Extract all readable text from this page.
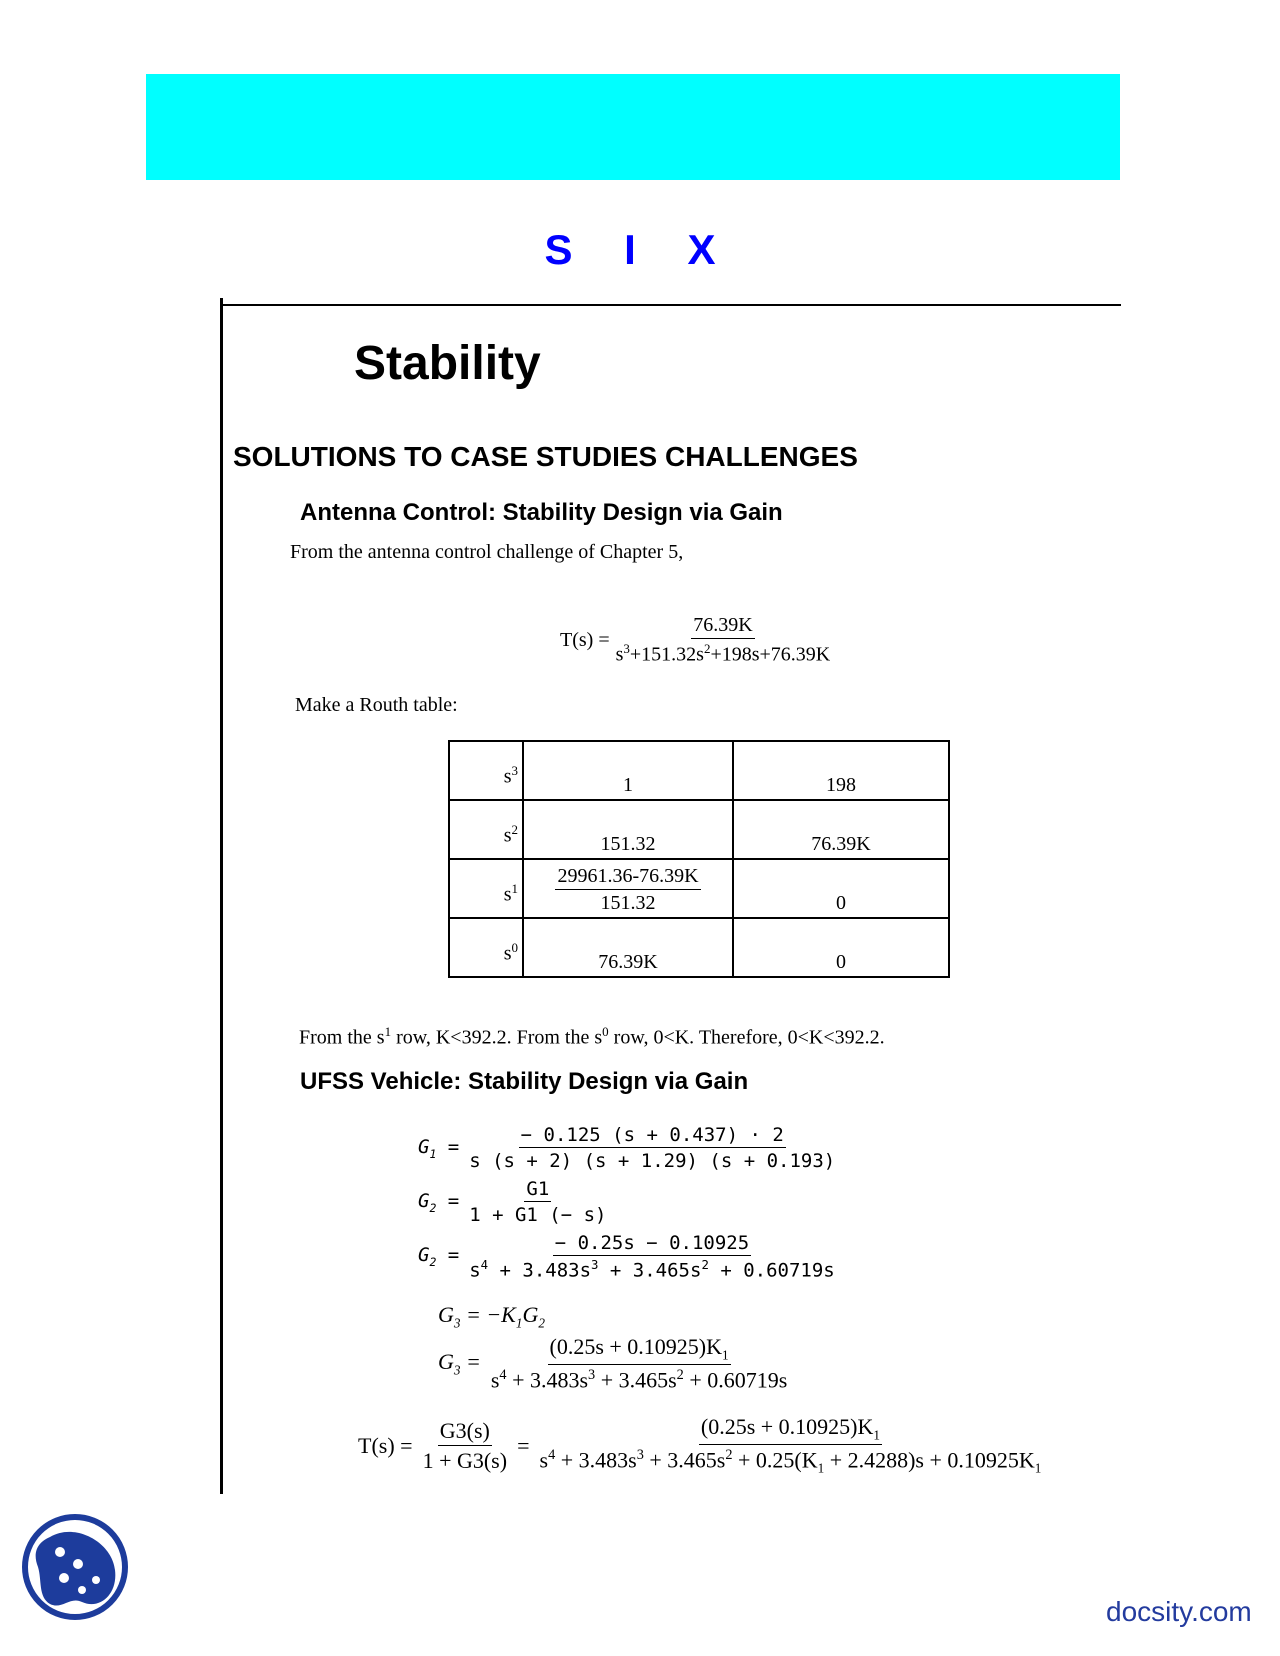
S I X
Stability
SOLUTIONS TO CASE STUDIES CHALLENGES
Antenna Control: Stability Design via Gain
From the antenna control challenge of Chapter 5,
$T(s) = \frac{76.39K}{s^3+151.32s^2+198s+76.39K}$
Make a Routh table:
$s^3$	1	198
$s^2$	151.32	76.39K
$s^1$	$\frac{29961.36-76.39K}{151.32}$	0
$s^0$	76.39K	0
From the $s^1$ row, K<392.2. From the $s^0$ row, 0<K. Therefore, 0<K<392.2.
UFSS Vehicle: Stability Design via Gain
$G_1 = \frac{- 0.125 (s + 0.437) \cdot 2}{s (s + 2) (s + 1.29) (s + 0.193)}$
$G_2 = \frac{G1}{1 + G1 (- s)}$
$G_2 = \frac{- 0.25s - 0.10925}{s^4 + 3.483s^3 + 3.465s^2 + 0.60719s}$
$G_3 = -K_1G_2$
$G_3 = \frac{(0.25s + 0.10925)K_1}{s^4 + 3.483s^3 + 3.465s^2 + 0.60719s}$
$T(s) = \frac{G3(s)}{1 + G3(s)} = \frac{(0.25s + 0.10925)K_1}{s^4 + 3.483s^3 + 3.465s^2 + 0.25(K_1 + 2.4288)s + 0.10925K_1}$
docsity.com
